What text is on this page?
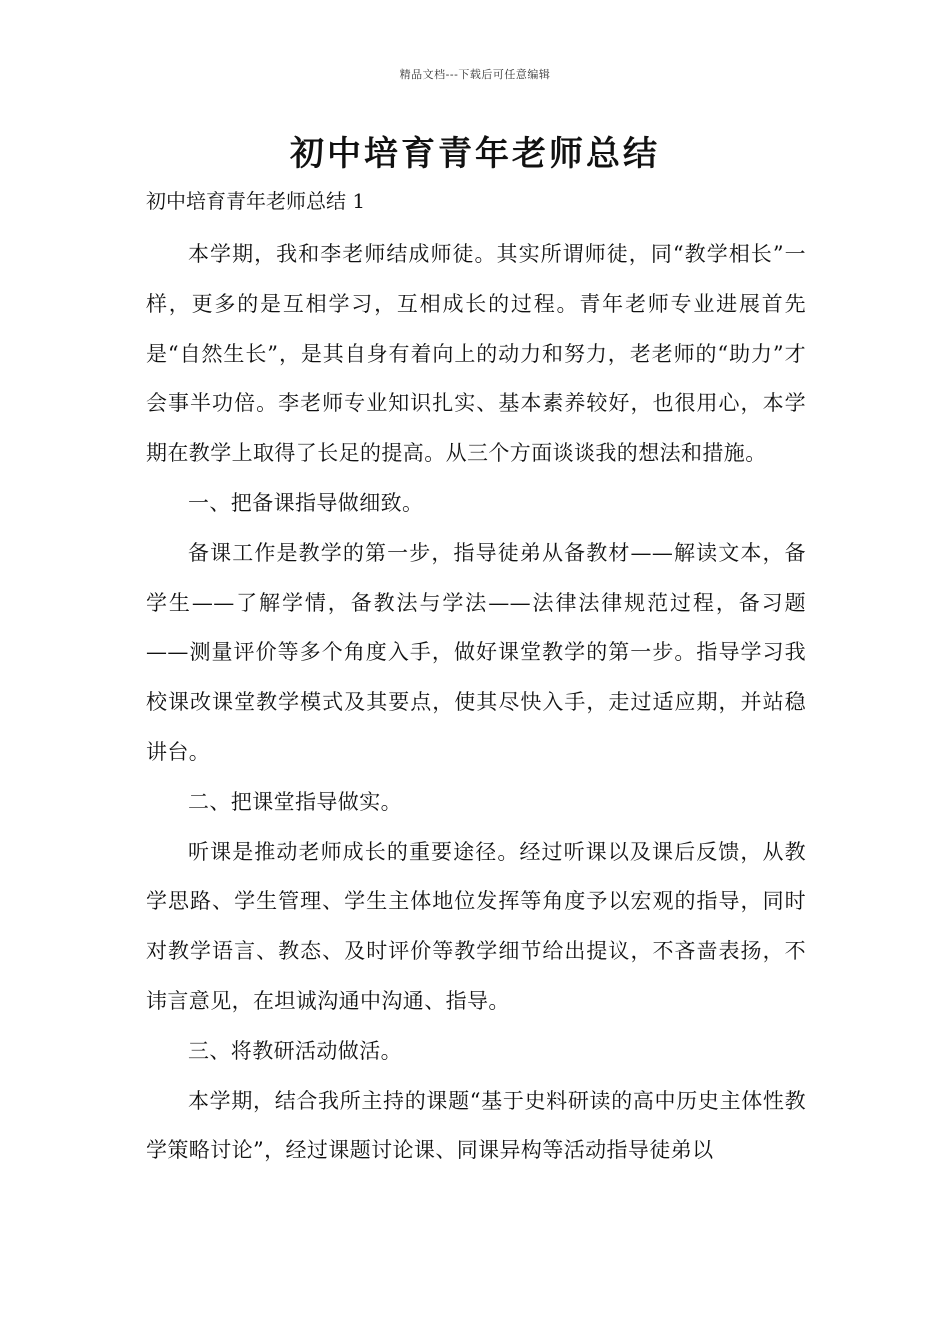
精品文档---下载后可任意编辑
初中培育青年老师总结

初中培育青年老师总结 1

本学期，我和李老师结成师徒。其实所谓师徒，同“教学相长”一样，更多的是互相学习，互相成长的过程。青年老师专业进展首先是“自然生长”，是其自身有着向上的动力和努力，老老师的“助力”才会事半功倍。李老师专业知识扎实、基本素养较好，也很用心，本学期在教学上取得了长足的提高。从三个方面谈谈我的想法和措施。

一、把备课指导做细致。

备课工作是教学的第一步，指导徒弟从备教材——解读文本，备学生——了解学情，备教法与学法——法律法律规范过程，备习题——测量评价等多个角度入手，做好课堂教学的第一步。指导学习我校课改课堂教学模式及其要点，使其尽快入手，走过适应期，并站稳讲台。

二、把课堂指导做实。

听课是推动老师成长的重要途径。经过听课以及课后反馈，从教学思路、学生管理、学生主体地位发挥等角度予以宏观的指导，同时对教学语言、教态、及时评价等教学细节给出提议，不吝啬表扬，不讳言意见，在坦诚沟通中沟通、指导。

三、将教研活动做活。

本学期，结合我所主持的课题“基于史料研读的高中历史主体性教学策略讨论”，经过课题讨论课、同课异构等活动指导徒弟以
